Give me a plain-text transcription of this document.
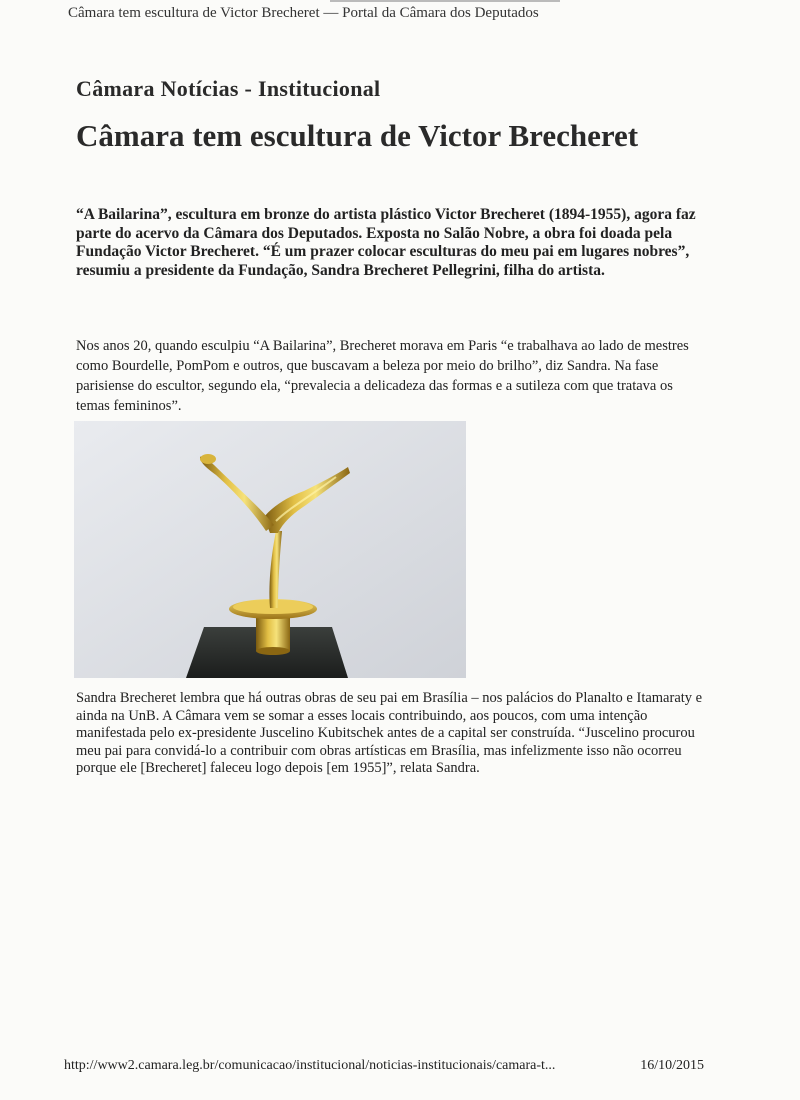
Câmara tem escultura de Victor Brecheret — Portal da Câmara dos Deputados
Câmara Notícias - Institucional
Câmara tem escultura de Victor Brecheret
“A Bailarina”, escultura em bronze do artista plástico Victor Brecheret (1894-1955), agora faz parte do acervo da Câmara dos Deputados. Exposta no Salão Nobre, a obra foi doada pela Fundação Victor Brecheret. “É um prazer colocar esculturas do meu pai em lugares nobres”, resumiu a presidente da Fundação, Sandra Brecheret Pellegrini, filha do artista.
Nos anos 20, quando esculpiu “A Bailarina”, Brecheret morava em Paris “e trabalhava ao lado de mestres como Bourdelle, PomPom e outros, que buscavam a beleza por meio do brilho”, diz Sandra. Na fase parisiense do escultor, segundo ela, “prevalecia a delicadeza das formas e a sutileza com que tratava os temas femininos”.
Sandra Brecheret lembra que há outras obras de seu pai em Brasília – nos palácios do Planalto e Itamaraty e ainda na UnB. A Câmara vem se somar a esses locais contribuindo, aos poucos, com uma intenção manifestada pelo ex-presidente Juscelino Kubitschek antes de a capital ser construída. “Juscelino procurou meu pai para convidá-lo a contribuir com obras artísticas em Brasília, mas infelizmente isso não ocorreu porque ele [Brecheret] faleceu logo depois [em 1955]”, relata Sandra.
http://www2.camara.leg.br/comunicacao/institucional/noticias-institucionais/camara-t...	16/10/2015
